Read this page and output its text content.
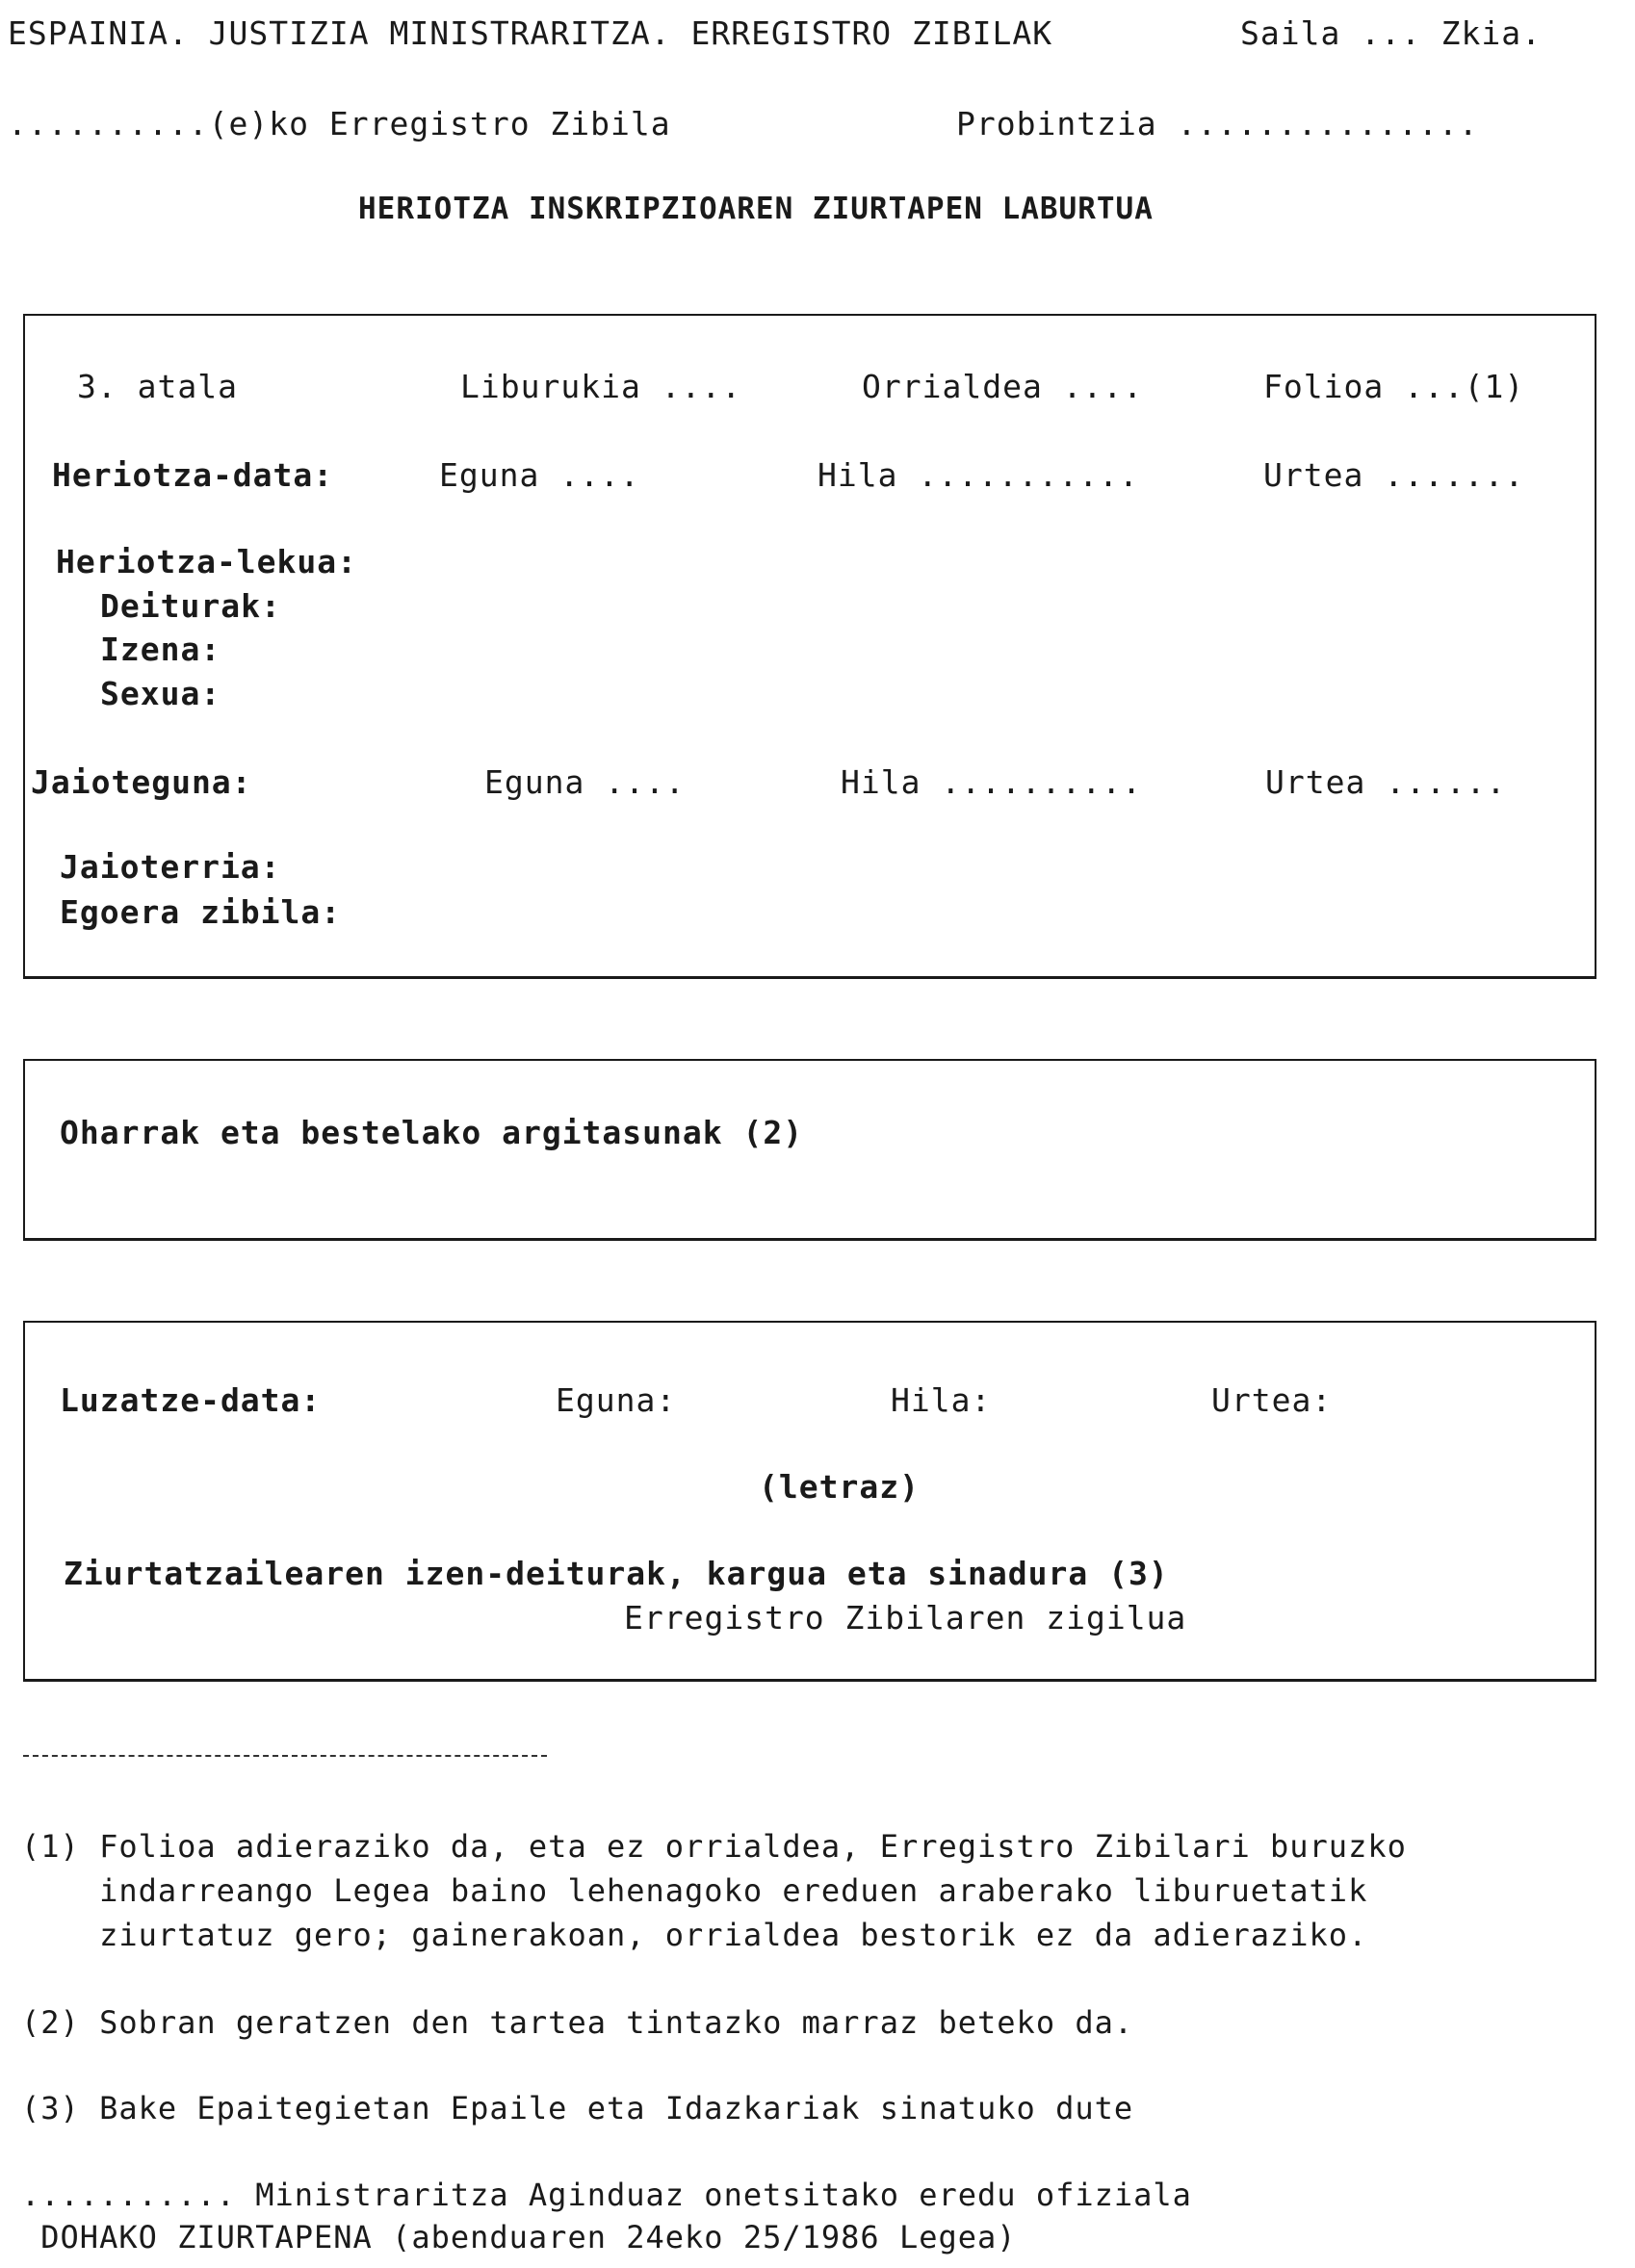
ESPAINIA. JUSTIZIA MINISTRARITZA. ERREGISTRO ZIBILAK	Saila ... Zkia.
..........(e)ko Erregistro Zibila	Probintzia ...............
HERIOTZA INSKRIPZIOAREN ZIURTAPEN LABURTUA
3. atala	Liburukia ....	Orrialdea ....	Folioa ...(1)
Heriotza-data:	Eguna ....	Hila ...........	Urtea .......
Heriotza-lekua:
Deiturak:
Izena:
Sexua:
Jaioteguna:	Eguna ....	Hila ..........	Urtea ......
Jaioterria:
Egoera zibila:
Oharrak eta bestelako argitasunak (2)
Luzatze-data:	Eguna:	Hila:	Urtea:
(letraz)
Ziurtatzailearen izen-deiturak, kargua eta sinadura (3)
Erregistro Zibilaren zigilua
(1) Folioa adieraziko da, eta ez orrialdea, Erregistro Zibilari buruzko
indarreango Legea baino lehenagoko ereduen araberako liburuetatik
ziurtatuz gero; gainerakoan, orrialdea bestorik ez da adieraziko.
(2) Sobran geratzen den tartea tintazko marraz beteko da.
(3) Bake Epaitegietan Epaile eta Idazkariak sinatuko dute
........... Ministraritza Aginduaz onetsitako eredu ofiziala
DOHAKO ZIURTAPENA (abenduaren 24eko 25/1986 Legea)
